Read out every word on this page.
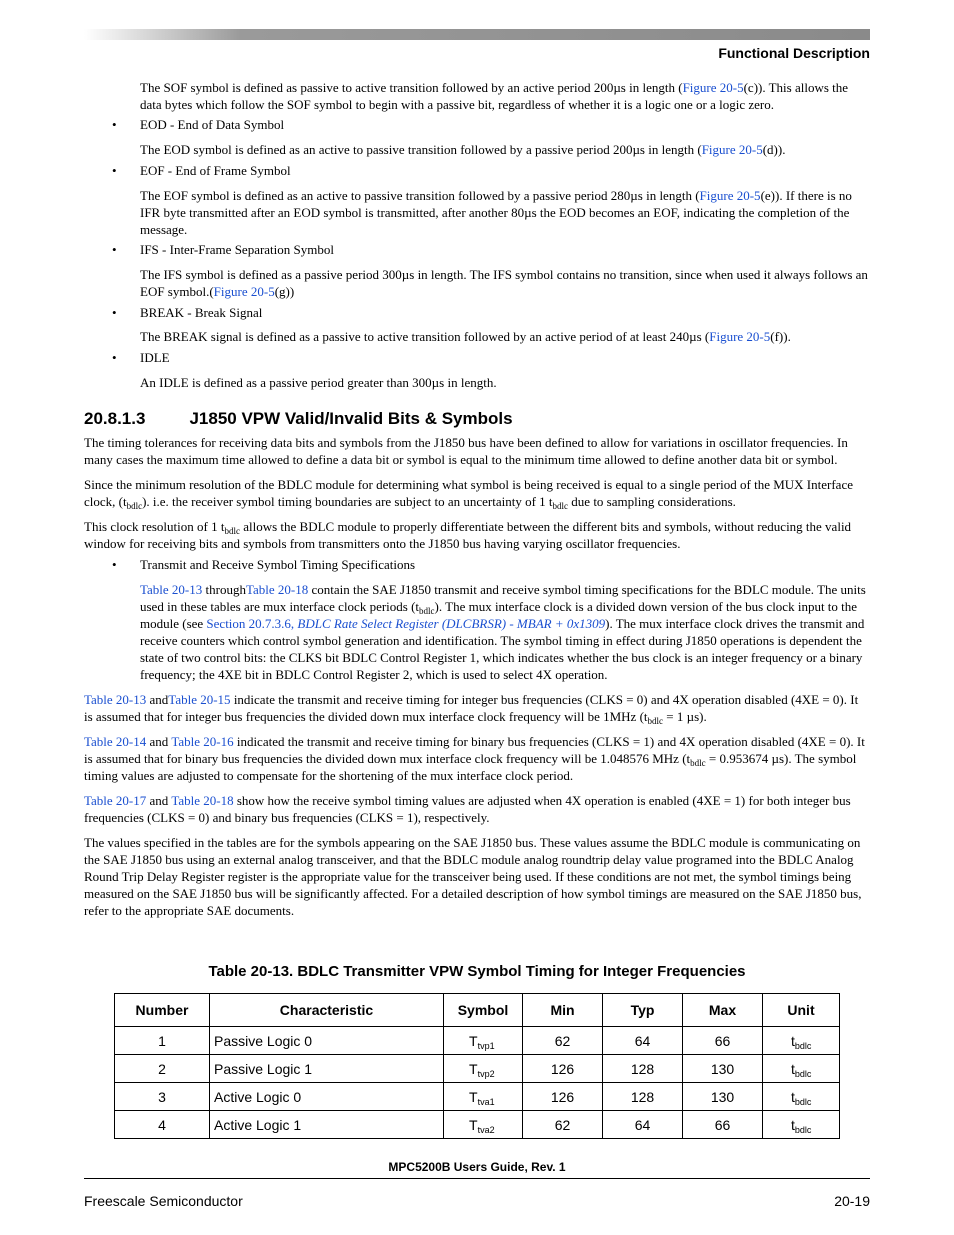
Functional Description

The SOF symbol is defined as passive to active transition followed by an active period 200µs in length (Figure 20-5(c)). This allows the data bytes which follow the SOF symbol to begin with a passive bit, regardless of whether it is a logic one or a logic zero.

• EOD - End of Data Symbol

The EOD symbol is defined as an active to passive transition followed by a passive period 200µs in length (Figure 20-5(d)).

• EOF - End of Frame Symbol

The EOF symbol is defined as an active to passive transition followed by a passive period 280µs in length (Figure 20-5(e)). If there is no IFR byte transmitted after an EOD symbol is transmitted, after another 80µs the EOD becomes an EOF, indicating the completion of the message.

• IFS - Inter-Frame Separation Symbol

The IFS symbol is defined as a passive period 300µs in length. The IFS symbol contains no transition, since when used it always follows an EOF symbol.(Figure 20-5(g))

• BREAK - Break Signal

The BREAK signal is defined as a passive to active transition followed by an active period of at least 240µs (Figure 20-5(f)).

• IDLE

An IDLE is defined as a passive period greater than 300µs in length.

20.8.1.3	J1850 VPW Valid/Invalid Bits & Symbols

The timing tolerances for receiving data bits and symbols from the J1850 bus have been defined to allow for variations in oscillator frequencies. In many cases the maximum time allowed to define a data bit or symbol is equal to the minimum time allowed to define another data bit or symbol.

Since the minimum resolution of the BDLC module for determining what symbol is being received is equal to a single period of the MUX Interface clock, $(t_{bdlc})$. i.e. the receiver symbol timing boundaries are subject to an uncertainty of 1 $t_{bdlc}$ due to sampling considerations.

This clock resolution of 1 $t_{bdlc}$ allows the BDLC module to properly differentiate between the different bits and symbols, without reducing the valid window for receiving bits and symbols from transmitters onto the J1850 bus having varying oscillator frequencies.

• Transmit and Receive Symbol Timing Specifications

Table 20-13 throughTable 20-18 contain the SAE J1850 transmit and receive symbol timing specifications for the BDLC module. The units used in these tables are mux interface clock periods $(t_{bdlc})$. The mux interface clock is a divided down version of the bus clock input to the module (see Section 20.7.3.6, BDLC Rate Select Register (DLCBRSR) - MBAR + 0x1309). The mux interface clock drives the transmit and receive counters which control symbol generation and identification. The symbol timing in effect during J1850 operations is dependent the state of two control bits: the CLKS bit BDLC Control Register 1, which indicates whether the bus clock is an integer frequency or a binary frequency; the 4XE bit in BDLC Control Register 2, which is used to select 4X operation.

Table 20-13 andTable 20-15 indicate the transmit and receive timing for integer bus frequencies (CLKS = 0) and 4X operation disabled (4XE = 0). It is assumed that for integer bus frequencies the divided down mux interface clock frequency will be 1MHz ($t_{bdlc} = 1$ µs).

Table 20-14 and Table 20-16 indicated the transmit and receive timing for binary bus frequencies (CLKS = 1) and 4X operation disabled (4XE = 0). It is assumed that for binary bus frequencies the divided down mux interface clock frequency will be 1.048576 MHz ($t_{bdlc} = 0.953674$ µs). The symbol timing values are adjusted to compensate for the shortening of the mux interface clock period.

Table 20-17 and Table 20-18 show how the receive symbol timing values are adjusted when 4X operation is enabled (4XE = 1) for both integer bus frequencies (CLKS = 0) and binary bus frequencies (CLKS = 1), respectively.

The values specified in the tables are for the symbols appearing on the SAE J1850 bus. These values assume the BDLC module is communicating on the SAE J1850 bus using an external analog transceiver, and that the BDLC module analog roundtrip delay value programed into the BDLC Analog Round Trip Delay Register register is the appropriate value for the transceiver being used. If these conditions are not met, the symbol timings being measured on the SAE J1850 bus will be significantly affected. For a detailed description of how symbol timings are measured on the SAE J1850 bus, refer to the appropriate SAE documents.

Table 20-13. BDLC Transmitter VPW Symbol Timing for Integer Frequencies
Number	Characteristic	Symbol	Min	Typ	Max	Unit
1	Passive Logic 0	$T_{tvp1}$	62	64	66	$t_{bdlc}$
2	Passive Logic 1	$T_{tvp2}$	126	128	130	$t_{bdlc}$
3	Active Logic 0	$T_{tva1}$	126	128	130	$t_{bdlc}$
4	Active Logic 1	$T_{tva2}$	62	64	66	$t_{bdlc}$
MPC5200B Users Guide, Rev. 1
Freescale Semiconductor	20-19
